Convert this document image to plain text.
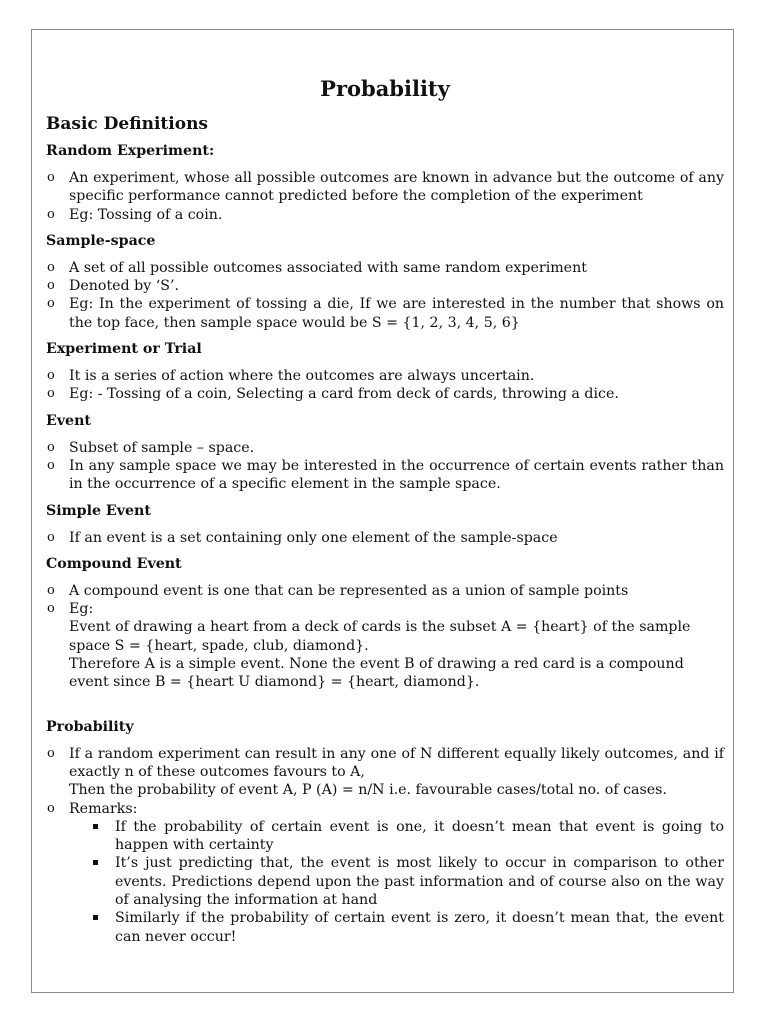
Probability
Basic Definitions
Random Experiment:
o An experiment, whose all possible outcomes are known in advance but the outcome of any specific performance cannot predicted before the completion of the experiment
o Eg: Tossing of a coin.
Sample-space
o A set of all possible outcomes associated with same random experiment
o Denoted by ‘S’.
o Eg: In the experiment of tossing a die, If we are interested in the number that shows on the top face, then sample space would be S = {1, 2, 3, 4, 5, 6}
Experiment or Trial
o It is a series of action where the outcomes are always uncertain.
o Eg: - Tossing of a coin, Selecting a card from deck of cards, throwing a dice.
Event
o Subset of sample – space.
o In any sample space we may be interested in the occurrence of certain events rather than in the occurrence of a specific element in the sample space.
Simple Event
o If an event is a set containing only one element of the sample-space
Compound Event
o A compound event is one that can be represented as a union of sample points
o Eg:
Event of drawing a heart from a deck of cards is the subset A = {heart} of the sample space S = {heart, spade, club, diamond}.
Therefore A is a simple event. None the event B of drawing a red card is a compound event since B = {heart U diamond} = {heart, diamond}.
Probability
o If a random experiment can result in any one of N different equally likely outcomes, and if exactly n of these outcomes favours to A,
Then the probability of event A, P (A) = n/N i.e. favourable cases/total no. of cases.
o Remarks:
If the probability of certain event is one, it doesn’t mean that event is going to happen with certainty
It’s just predicting that, the event is most likely to occur in comparison to other events. Predictions depend upon the past information and of course also on the way of analysing the information at hand
Similarly if the probability of certain event is zero, it doesn’t mean that, the event can never occur!
